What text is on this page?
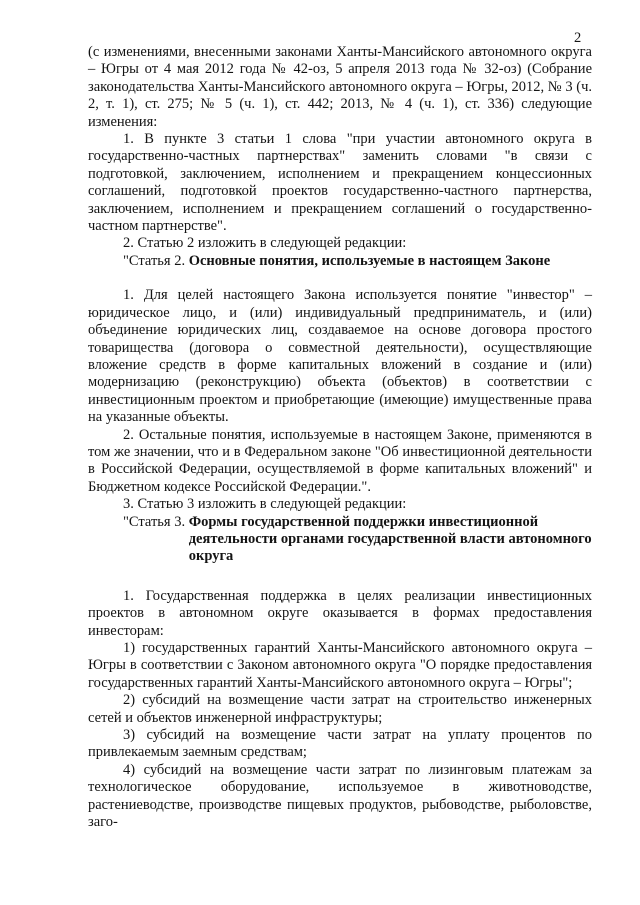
2

(с изменениями, внесенными законами Ханты-Мансийского автономного округа – Югры от 4 мая 2012 года № 42-оз, 5 апреля 2013 года № 32-оз) (Собрание законодательства Ханты-Мансийского автономного округа – Югры, 2012, № 3 (ч. 2, т. 1), ст. 275; № 5 (ч. 1), ст. 442; 2013, № 4 (ч. 1), ст. 336) следующие изменения:

1. В пункте 3 статьи 1 слова "при участии автономного округа в государственно-частных партнерствах" заменить словами "в связи с подготовкой, заключением, исполнением и прекращением концессионных соглашений, подготовкой проектов государственно-частного партнерства, заключением, исполнением и прекращением соглашений о государственно-частном партнерстве".

2. Статью 2 изложить в следующей редакции:

"Статья 2. Основные понятия, используемые в настоящем Законе

1. Для целей настоящего Закона используется понятие "инвестор" – юридическое лицо, и (или) индивидуальный предприниматель, и (или) объединение юридических лиц, создаваемое на основе договора простого товарищества (договора о совместной деятельности), осуществляющие вложение средств в форме капитальных вложений в создание и (или) модернизацию (реконструкцию) объекта (объектов) в соответствии с инвестиционным проектом и приобретающие (имеющие) имущественные права на указанные объекты.

2. Остальные понятия, используемые в настоящем Законе, применяются в том же значении, что и в Федеральном законе "Об инвестиционной деятельности в Российской Федерации, осуществляемой в форме капитальных вложений" и Бюджетном кодексе Российской Федерации.".

3. Статью 3 изложить в следующей редакции:

"Статья 3. Формы государственной поддержки инвестиционной деятельности органами государственной власти автономного округа

1. Государственная поддержка в целях реализации инвестиционных проектов в автономном округе оказывается в формах предоставления инвесторам:

1) государственных гарантий Ханты-Мансийского автономного округа – Югры в соответствии с Законом автономного округа "О порядке предоставления государственных гарантий Ханты-Мансийского автономного округа – Югры";

2) субсидий на возмещение части затрат на строительство инженерных сетей и объектов инженерной инфраструктуры;

3) субсидий на возмещение части затрат на уплату процентов по привлекаемым заемным средствам;

4) субсидий на возмещение части затрат по лизинговым платежам за технологическое оборудование, используемое в животноводстве, растениеводстве, производстве пищевых продуктов, рыбоводстве, рыболовстве, заго-
